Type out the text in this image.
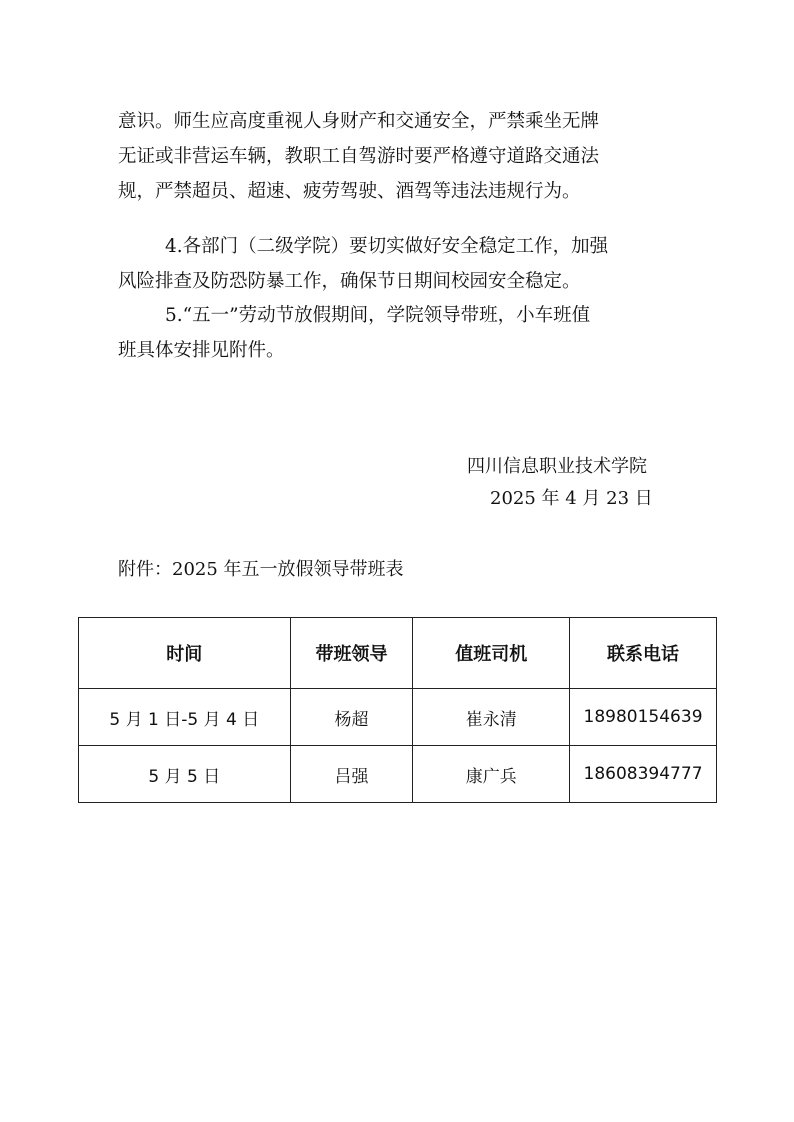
意识。师生应高度重视人身财产和交通安全，严禁乘坐无牌
无证或非营运车辆，教职工自驾游时要严格遵守道路交通法
规，严禁超员、超速、疲劳驾驶、酒驾等违法违规行为。
4.各部门（二级学院）要切实做好安全稳定工作，加强
风险排查及防恐防暴工作，确保节日期间校园安全稳定。
5.“五一”劳动节放假期间，学院领导带班，小车班值
班具体安排见附件。
四川信息职业技术学院
2025 年 4 月 23 日
附件：2025 年五一放假领导带班表
时间	带班领导	值班司机	联系电话
5 月 1 日-5 月 4 日	杨超	崔永清	18980154639
5 月 5 日	吕强	康广兵	18608394777
